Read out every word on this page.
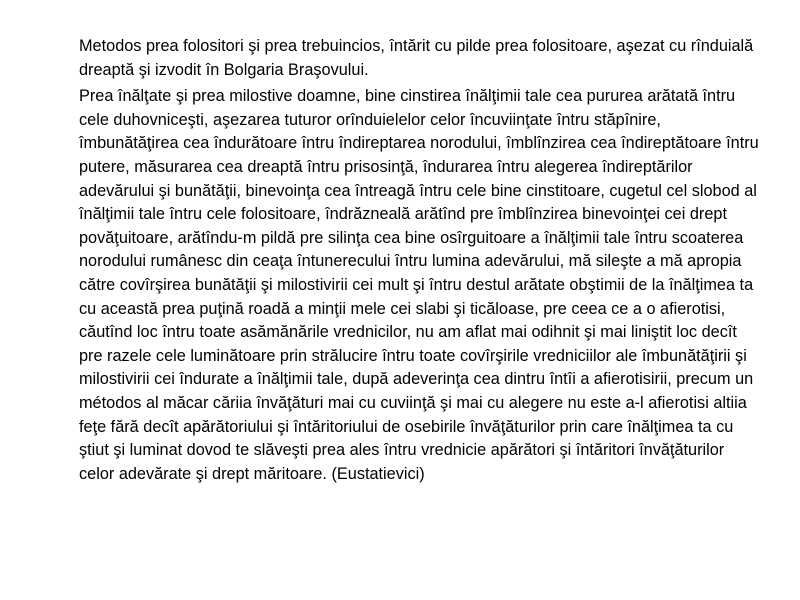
Metodos prea folositori şi prea trebuincios, întărit cu pilde prea folositoare, aşezat cu rînduială dreaptă şi izvodit în Bolgaria Braşovului.

Prea înălţate şi prea milostive doamne, bine cinstirea înălţimii tale cea pururea arătată întru cele duhovniceşti, aşezarea tuturor orînduielelor celor încuviinţate întru stăpînire, îmbunătăţirea cea îndurătoare întru îndireptarea norodului, îmblînzirea cea îndireptătoare întru putere, măsurarea cea dreaptă întru prisosinţă, îndurarea întru alegerea îndireptărilor adevărului şi bunătăţii, binevoinţa cea întreagă întru cele bine cinstitoare, cugetul cel slobod al înălţimii tale întru cele folositoare, îndrăzneală arătînd pre îmblînzirea binevoinţei cei drept povăţuitoare, arătîndu-m pildă pre silinţa cea bine osîrguitoare a înălţimii tale întru scoaterea norodului rumânesc din ceaţa întunerecului întru lumina adevărului, mă sileşte a mă apropia către covîrşirea bunătăţii şi milostivirii cei mult şi întru destul arătate obştimii de la înălţimea ta cu această prea puţină roadă a minţii mele cei slabi şi ticăloase, pre ceea ce a o afierotisi, căutînd loc întru toate asămănările vrednicilor, nu am aflat mai odihnit şi mai liniştit loc decît pre razele cele luminătoare prin strălucire întru toate covîrşirile vredniciilor ale îmbunătăţirii şi milostivirii cei îndurate a înălţimii tale, după adeverinţa cea dintru întîi a afierotisirii, precum un métodos al măcar căriia învăţături mai cu cuviinţă şi mai cu alegere nu este a-l afierotisi altiia feţe fără decît apărătoriului şi întăritoriului de osebirile învăţăturilor prin care înălţimea ta cu ştiut şi luminat dovod te slăveşti prea ales întru vrednicie apărători şi întăritori învăţăturilor celor adevărate şi drept măritoare. (Eustatievici)
